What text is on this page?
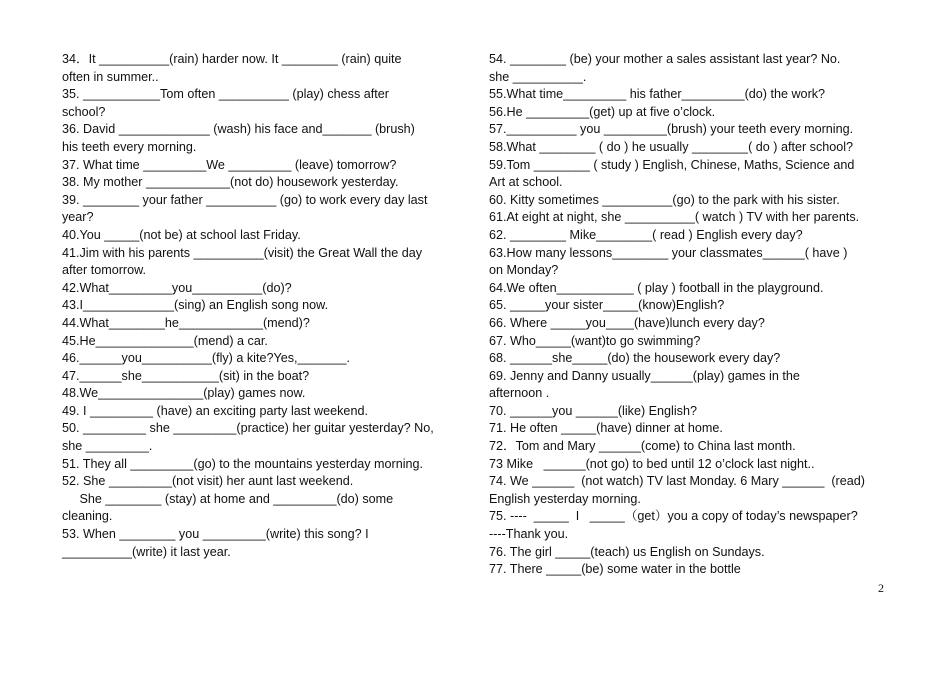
34．It __________(rain) harder now. It ________ (rain) quite
often in summer..
35. ___________Tom often __________ (play) chess after
school?
36. David _____________ (wash) his face and_______ (brush)
his teeth every morning.
37. What time _________We _________ (leave) tomorrow?
38. My mother ____________(not do) housework yesterday.
39. ________ your father __________ (go) to work every day last
year?
40.You _____(not be) at school last Friday.
41.Jim with his parents __________(visit) the Great Wall the day
after tomorrow.
42.What_________you__________(do)?
43.I_____________(sing) an English song now.
44.What________he____________(mend)?
45.He______________(mend) a car.
46.______you__________(fly) a kite?Yes,_______.
47.______she___________(sit) in the boat?
48.We_______________(play) games now.
49. I _________ (have) an exciting party last weekend.
50. _________ she _________(practice) her guitar yesterday? No,
she _________.
51. They all _________(go) to the mountains yesterday morning.
52. She _________(not visit) her aunt last weekend.
She ________ (stay) at home and _________(do) some
cleaning.
53. When ________ you _________(write) this song? I
__________(write) it last year.
54. ________ (be) your mother a sales assistant last year? No.
she __________.
55.What time_________ his father_________(do) the work?
56.He _________(get) up at five o’clock.
57.__________ you _________(brush) your teeth every morning.
58.What ________ ( do ) he usually ________( do ) after school?
59.Tom ________ ( study ) English, Chinese, Maths, Science and
Art at school.
60. Kitty sometimes __________(go) to the park with his sister.
61.At eight at night, she __________( watch ) TV with her parents.
62. ________ Mike________( read ) English every day?
63.How many lessons________ your classmates______( have )
on Monday?
64.We often___________ ( play ) football in the playground.
65. _____your sister_____(know)English?
66. Where _____you____(have)lunch every day?
67. Who_____(want)to go swimming?
68. ______she_____(do) the housework every day?
69. Jenny and Danny usually______(play) games in the
afternoon .
70. ______you ______(like) English?
71. He often _____(have) dinner at home.
72．Tom and Mary ______(come) to China last month.
73 Mike   ______(not go) to bed until 12 o’clock last night..
74. We ______  (not watch) TV last Monday. 6 Mary ______  (read)
English yesterday morning.
75. ----  _____  I   _____（get）you a copy of today’s newspaper?
----Thank you.
76. The girl _____(teach) us English on Sundays.
77. There _____(be) some water in the bottle
2
